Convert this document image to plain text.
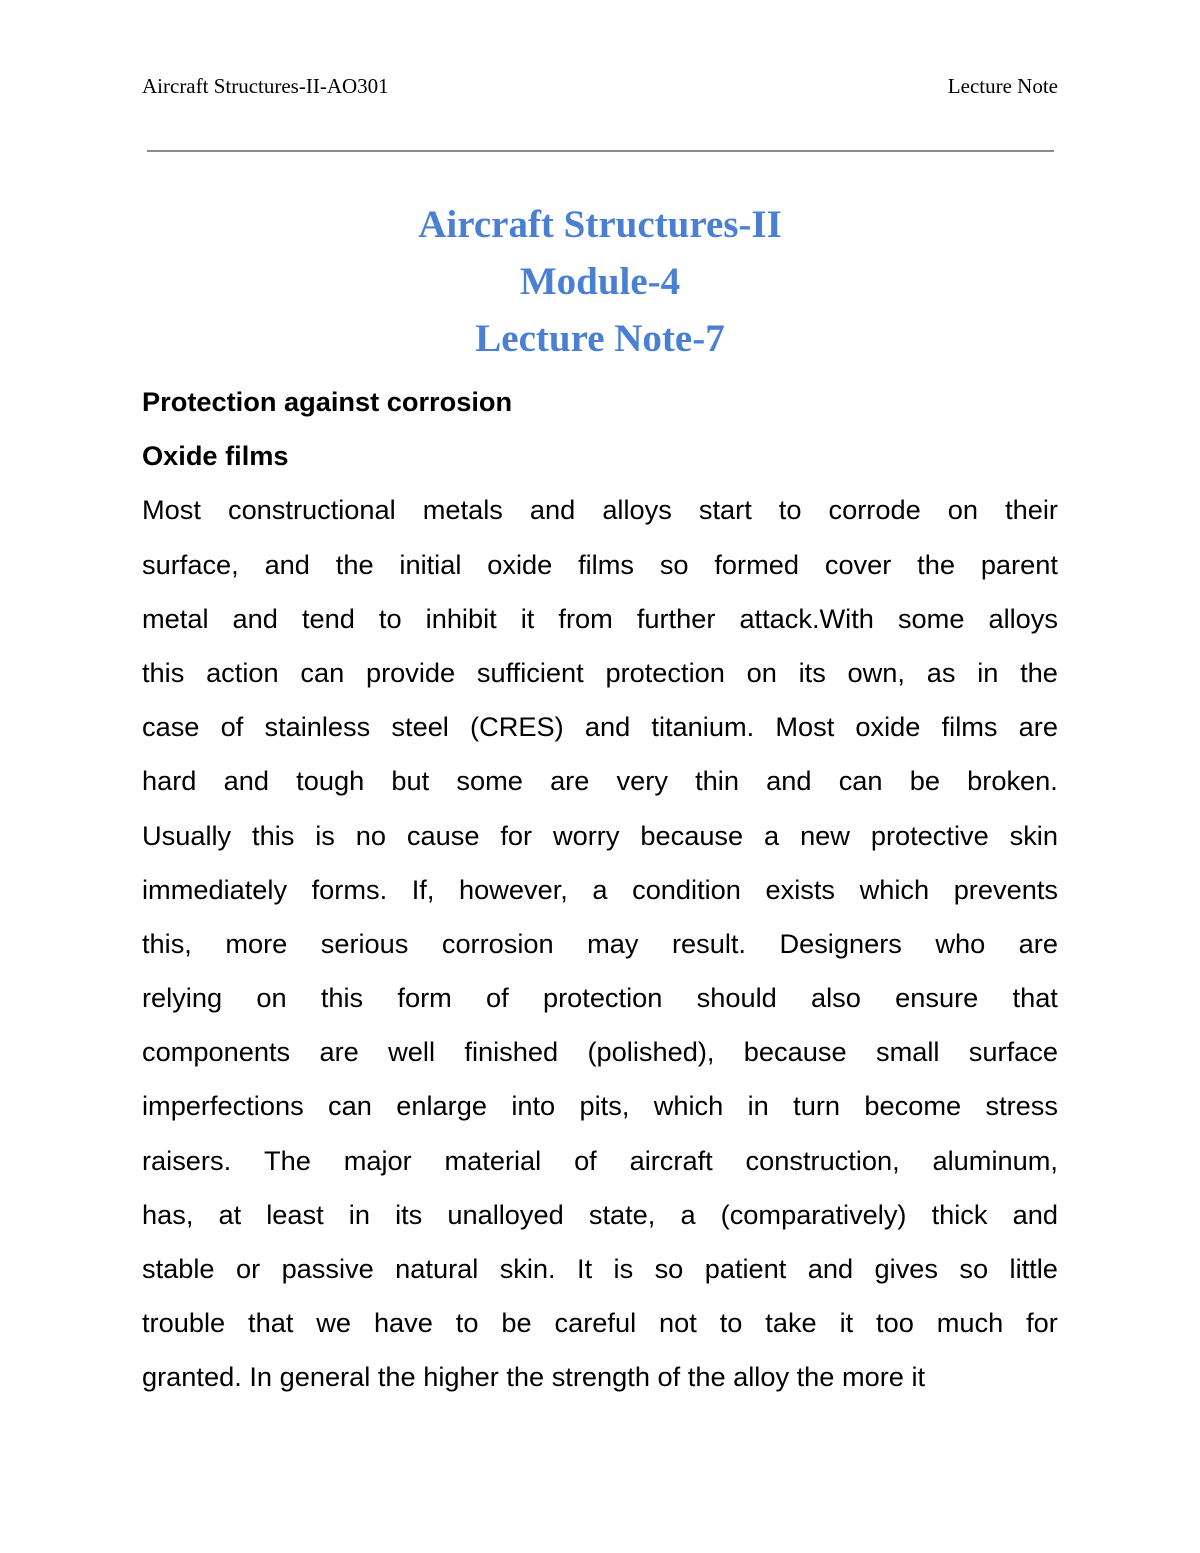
Aircraft Structures-II-AO301	Lecture Note
Aircraft Structures-II
Module-4
Lecture Note-7
Protection against corrosion
Oxide films
Most constructional metals and alloys start to corrode on their
surface, and the initial oxide films so formed cover the parent
metal and tend to inhibit it from further attack.With some alloys
this action can provide sufficient protection on its own, as in the
case of stainless steel (CRES) and titanium. Most oxide films are
hard and tough but some are very thin and can be broken.
Usually this is no cause for worry because a new protective skin
immediately forms. If, however, a condition exists which prevents
this, more serious corrosion may result. Designers who are
relying on this form of protection should also ensure that
components are well finished (polished), because small surface
imperfections can enlarge into pits, which in turn become stress
raisers. The major material of aircraft construction, aluminum,
has, at least in its unalloyed state, a (comparatively) thick and
stable or passive natural skin. It is so patient and gives so little
trouble that we have to be careful not to take it too much for
granted. In general the higher the strength of the alloy the more it
